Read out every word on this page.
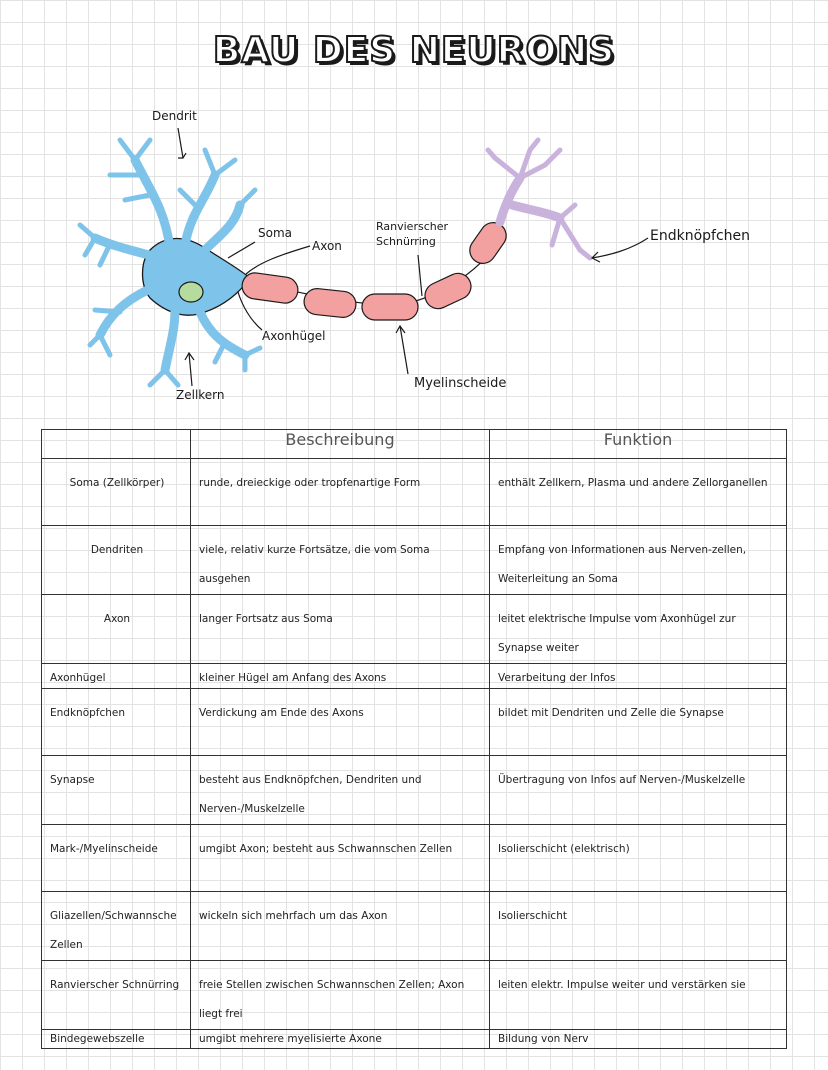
BAU DES NEURONS
Dendrit
Soma
Axon
Ranvierscher
Schnürring	Endknöpfchen
Axonhügel
Myelinscheide
Zellkern
	Beschreibung	Funktion
Soma (Zellkörper)	runde, dreieckige oder tropfenartige Form	enthält Zellkern, Plasma und andere Zellorganellen
Dendriten	viele, relativ kurze Fortsätze, die vom Soma ausgehen	Empfang von Informationen aus Nerven-zellen, Weiterleitung an Soma
Axon	langer Fortsatz aus Soma	leitet elektrische Impulse vom Axonhügel zur Synapse weiter
Axonhügel	kleiner Hügel am Anfang des Axons	Verarbeitung der Infos
Endknöpfchen	Verdickung am Ende des Axons	bildet mit Dendriten und Zelle die Synapse
Synapse	besteht aus Endknöpfchen, Dendriten und Nerven-/Muskelzelle	Übertragung von Infos auf Nerven-/Muskelzelle
Mark-/Myelinscheide	umgibt Axon; besteht aus Schwannschen Zellen	Isolierschicht (elektrisch)
Gliazellen/Schwannsche Zellen	wickeln sich mehrfach um das Axon	Isolierschicht
Ranvierscher Schnürring	freie Stellen zwischen Schwannschen Zellen; Axon liegt frei	leiten elektr. Impulse weiter und verstärken sie
Bindegewebszelle	umgibt mehrere myelisierte Axone	Bildung von Nerv
